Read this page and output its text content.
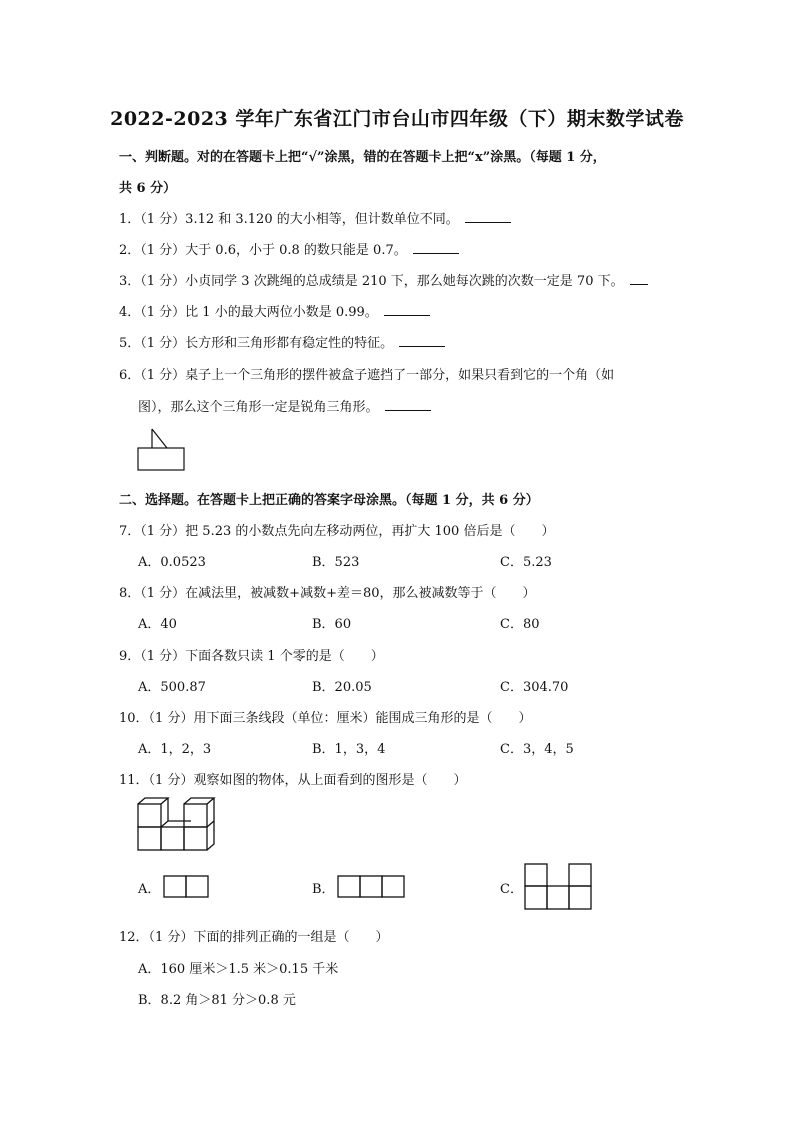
2022-2023 学年广东省江门市台山市四年级（下）期末数学试卷
一、判断题。对的在答题卡上把“√”涂黑，错的在答题卡上把“x”涂黑。（每题 1 分，
共 6 分）
1．（1 分）3.12 和 3.120 的大小相等，但计数单位不同。
2．（1 分）大于 0.6，小于 0.8 的数只能是 0.7。
3．（1 分）小贞同学 3 次跳绳的总成绩是 210 下，那么她每次跳的次数一定是 70 下。
4．（1 分）比 1 小的最大两位小数是 0.99。
5．（1 分）长方形和三角形都有稳定性的特征。
6．（1 分）桌子上一个三角形的摆件被盒子遮挡了一部分，如果只看到它的一个角（如
图），那么这个三角形一定是锐角三角形。
二、选择题。在答题卡上把正确的答案字母涂黑。（每题 1 分，共 6 分）
7．（1 分）把 5.23 的小数点先向左移动两位，再扩大 100 倍后是（　　）
A．0.0523	B．523	C．5.23
8．（1 分）在减法里，被减数+减数+差＝80，那么被减数等于（　　）
A．40	B．60	C．80
9．（1 分）下面各数只读 1 个零的是（　　）
A．500.87	B．20.05	C．304.70
10．（1 分）用下面三条线段（单位：厘米）能围成三角形的是（　　）
A．1，2，3	B．1，3，4	C．3，4，5
11．（1 分）观察如图的物体，从上面看到的图形是（　　）
A．	B．	C．
12．（1 分）下面的排列正确的一组是（　　）
A．160 厘米＞1.5 米＞0.15 千米
B．8.2 角＞81 分＞0.8 元
